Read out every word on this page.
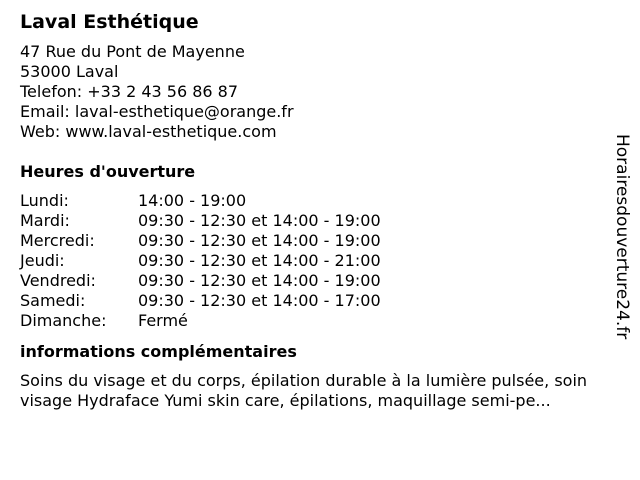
Laval Esthétique
47 Rue du Pont de Mayenne
53000 Laval
Telefon: +33 2 43 56 86 87
Email: laval-esthetique@orange.fr
Web: www.laval-esthetique.com
Heures d'ouverture
Lundi:	14:00 - 19:00
Mardi:	09:30 - 12:30 et 14:00 - 19:00
Mercredi:	09:30 - 12:30 et 14:00 - 19:00
Jeudi:	09:30 - 12:30 et 14:00 - 21:00
Vendredi:	09:30 - 12:30 et 14:00 - 19:00
Samedi:	09:30 - 12:30 et 14:00 - 17:00
Dimanche: Fermé
informations complémentaires
Soins du visage et du corps, épilation durable à la lumière pulsée, soin visage Hydraface Yumi skin care, épilations, maquillage semi-pe...
Horairesdouverture24.fr
